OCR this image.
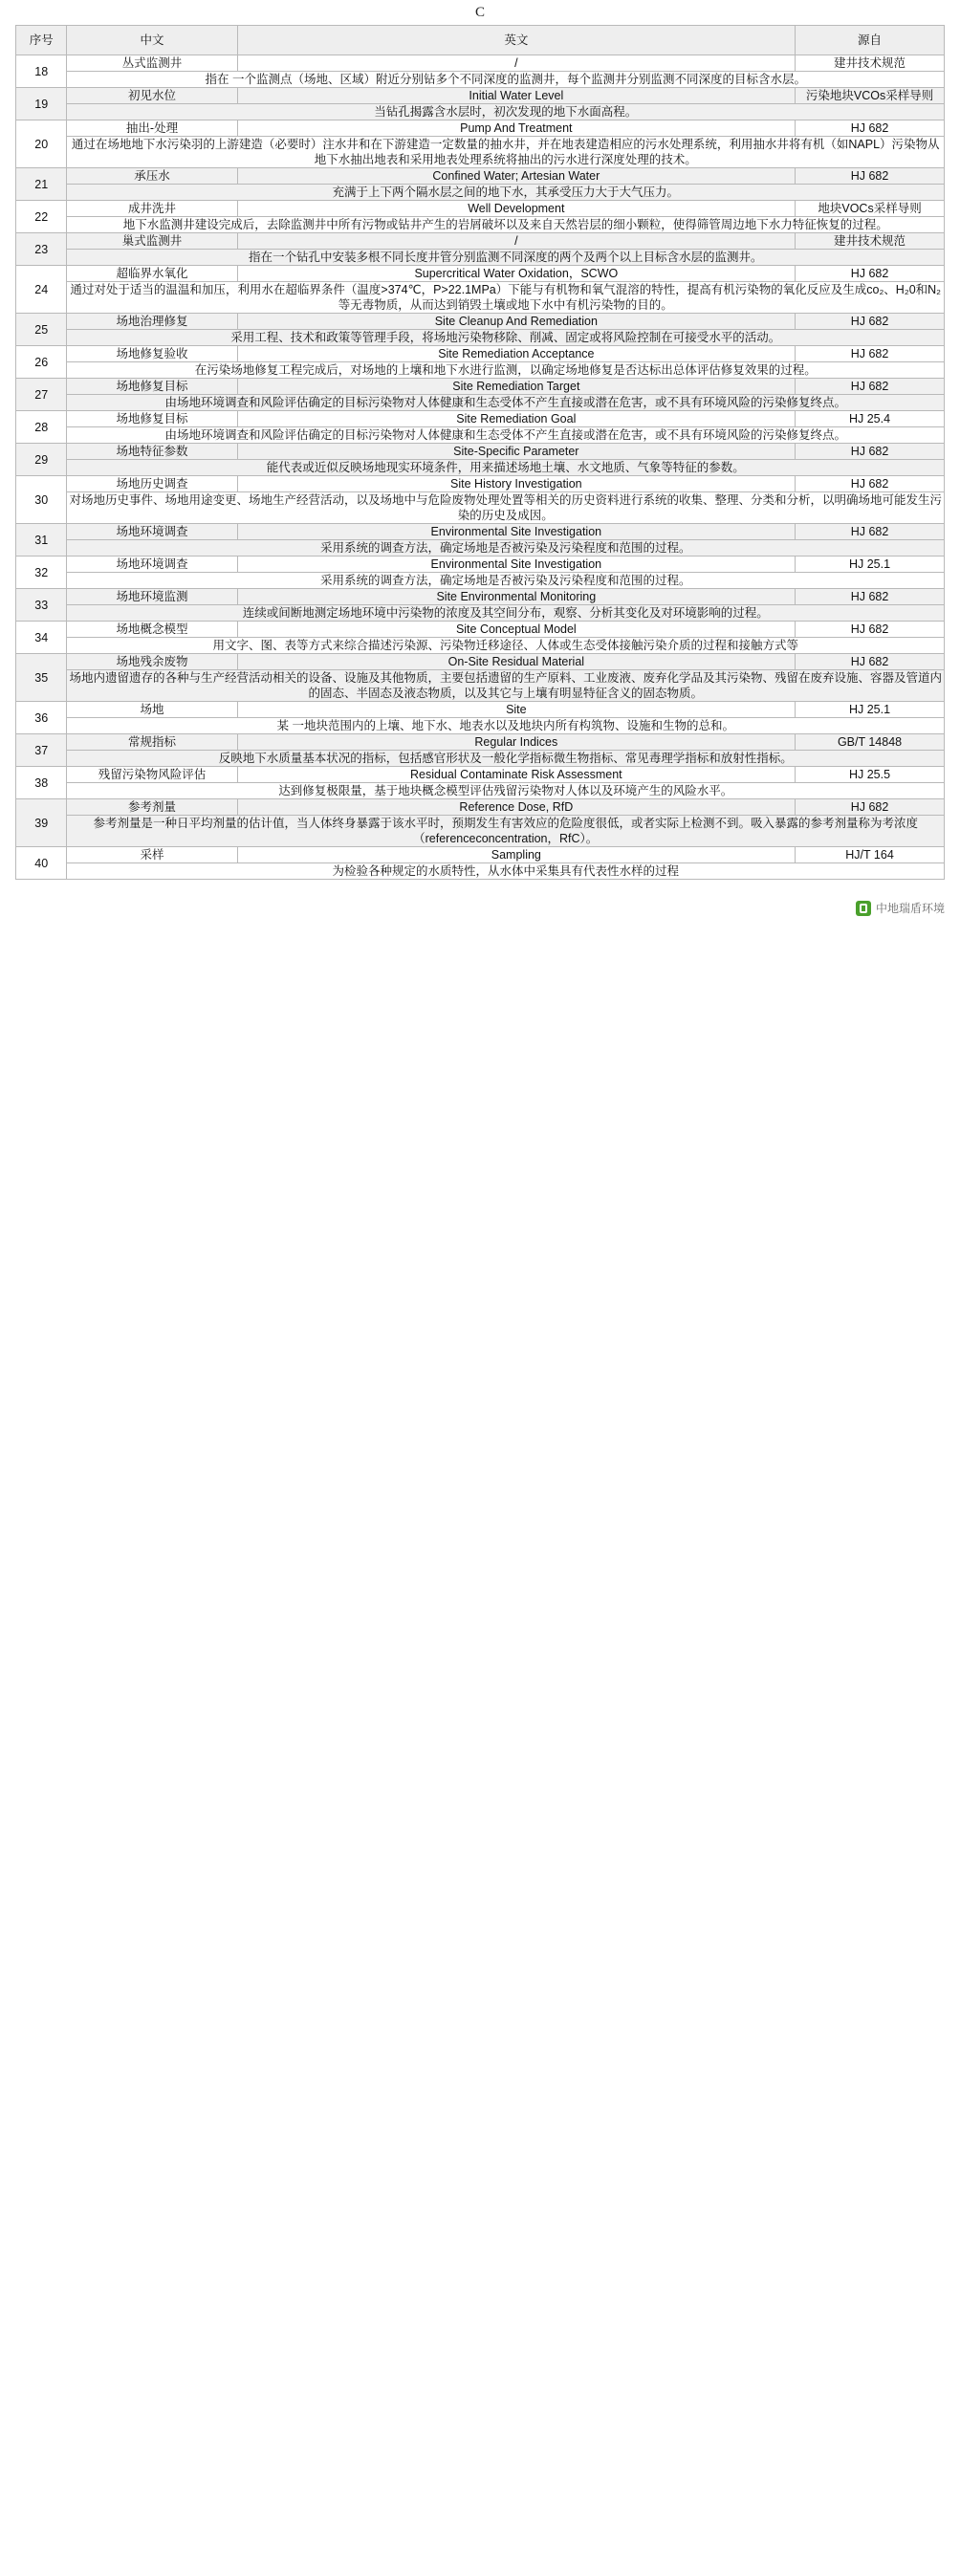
C
序号	中文	英文	源自
18	丛式监测井	/	建井技术规范
	指在 一个监测点（场地、区域）附近分别钻多个不同深度的监测井，每个监测井分别监测不同深度的目标含水层。		
19	初见水位	Initial Water Level	污染地块VCOs采样导则
	当钻孔揭露含水层时，初次发现的地下水面高程。		
20	抽出-处理	Pump And Treatment	HJ 682
	通过在场地地下水污染羽的上游建造（必要时）注水井和在下游建造一定数量的抽水井，并在地表建造相应的污水处理系统，利用抽水井将有机（如NAPL）污染物从地下水抽出地表和采用地表处理系统将抽出的污水进行深度处理的技术。		
21	承压水	Confined Water; Artesian Water	HJ 682
	充满于上下两个隔水层之间的地下水，其承受压力大于大气压力。		
22	成井洗井	Well Development	地块VOCs采样导则
	地下水监测井建设完成后，去除监测井中所有污物或钻井产生的岩屑破坏以及来自天然岩层的细小颗粒，使得筛管周边地下水力特征恢复的过程。		
23	巢式监测井	/	建井技术规范
	指在一个钻孔中安装多根不同长度井管分别监测不同深度的两个及两个以上目标含水层的监测井。		
24	超临界水氧化	Supercritical Water Oxidation，SCWO	HJ 682
	通过对处于适当的温温和加压，利用水在超临界条件（温度>374℃，P>22.1MPa）下能与有机物和氧气混溶的特性，提高有机污染物的氧化反应及生成co₂、H₂0和N₂等无毒物质，从而达到销毁土壤或地下水中有机污染物的目的。		
25	场地治理修复	Site Cleanup And Remediation	HJ 682
	采用工程、技术和政策等管理手段，将场地污染物移除、削减、固定或将风险控制在可接受水平的活动。		
26	场地修复验收	Site Remediation Acceptance	HJ 682
	在污染场地修复工程完成后，对场地的上壤和地下水进行监测，以确定场地修复是否达标出总体评估修复效果的过程。		
27	场地修复目标	Site Remediation Target	HJ 682
	由场地环境调查和风险评估确定的目标污染物对人体健康和生态受体不产生直接或潜在危害，或不具有环境风险的污染修复终点。		
28	场地修复目标	Site Remediation Goal	HJ 25.4
	由场地环境调查和风险评估确定的目标污染物对人体健康和生态受体不产生直接或潜在危害，或不具有环境风险的污染修复终点。		
29	场地特征参数	Site-Specific Parameter	HJ 682
	能代表或近似反映场地现实环境条件，用来描述场地土壤、水文地质、气象等特征的参数。		
30	场地历史调查	Site History Investigation	HJ 682
	对场地历史事件、场地用途变更、场地生产经营活动，以及场地中与危险废物处理处置等相关的历史资料进行系统的收集、整理、分类和分析，以明确场地可能发生污染的历史及成因。		
31	场地环境调查	Environmental Site Investigation	HJ 682
	采用系统的调查方法，确定场地是否被污染及污染程度和范围的过程。		
32	场地环境调查	Environmental Site Investigation	HJ 25.1
	采用系统的调查方法，确定场地是否被污染及污染程度和范围的过程。		
33	场地环境监测	Site Environmental Monitoring	HJ 682
	连续或间断地测定场地环境中污染物的浓度及其空间分布，观察、分析其变化及对环境影响的过程。		
34	场地概念模型	Site Conceptual Model	HJ 682
	用文字、图、表等方式来综合描述污染源、污染物迁移途径、人体或生态受体接触污染介质的过程和接触方式等		
35	场地残余废物	On-Site Residual Material	HJ 682
	场地内遗留遗存的各种与生产经营活动相关的设备、设施及其他物质，主要包括遗留的生产原料、工业废液、废弃化学品及其污染物、残留在废弃设施、容器及管道内的固态、半固态及液态物质，以及其它与上壤有明显特征含义的固态物质。		
36	场地	Site	HJ 25.1
	某 一地块范围内的上壤、地下水、地表水以及地块内所有构筑物、设施和生物的总和。		
37	常规指标	Regular Indices	GB/T 14848
	反映地下水质量基本状况的指标，包括感官形状及一般化学指标微生物指标、常见毒理学指标和放射性指标。		
38	残留污染物风险评估	Residual Contaminate Risk Assessment	HJ 25.5
	达到修复极限量，基于地块概念模型评估残留污染物对人体以及环境产生的风险水平。		
39	参考剂量	Reference Dose, RfD	HJ 682
	参考剂量是一种日平均剂量的估计值，当人体终身暴露于该水平时，预期发生有害效应的危险度很低，或者实际上检测不到。吸入暴露的参考剂量称为考浓度（referenceconcentration，RfC）。		
40	采样	Sampling	HJ/T 164
	为检验各种规定的水质特性，从水体中采集具有代表性水样的过程		
中地瑞盾环境
